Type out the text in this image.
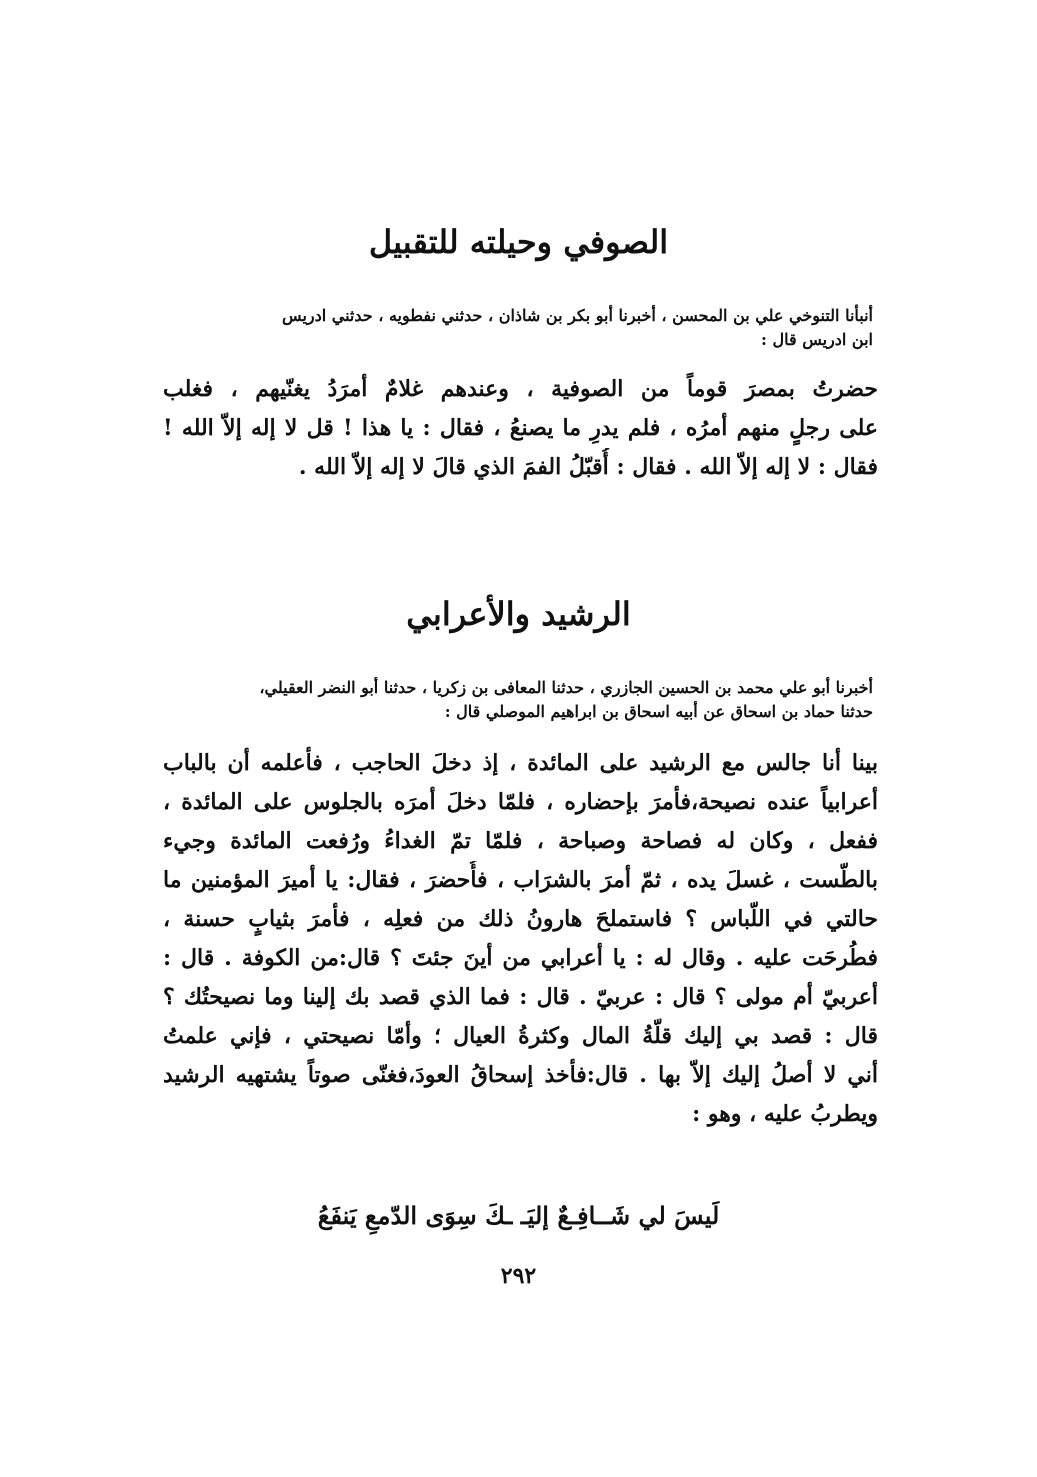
الصوفي وحيلته للتقبيل
أنبأنا التنوخي علي بن المحسن ، أخبرنا أبو بكر بن شاذان ، حدثني نفطويه ، حدثني ادريس
ابن ادريس قال :
حضرتُ بمصرَ قوماً من الصوفية ، وعندهم غلامٌ أمرَدُ يغنّيهم ، فغلب
على رجلٍ منهم أمرُه ، فلم يدرِ ما يصنعُ ، فقال : يا هذا ! قل لا إله إلاّ الله !
فقال : لا إله إلاّ الله . فقال : أُقبّلُ الفمَ الذي قالَ لا إله إلاّ الله .
الرشيد والأعرابي
أخبرنا أبو علي محمد بن الحسين الجازري ، حدثنا المعافى بن زكريا ، حدثنا أبو النضر العقيلي،
حدثنا حماد بن اسحاق عن أبيه اسحاق بن ابراهيم الموصلي قال :
بينا أنا جالس مع الرشيد على المائدة ، إذ دخلَ الحاجب ، فأعلمه أن بالباب
أعرابياً عنده نصيحة،فأمرَ بإحضاره ، فلمّا دخلَ أمرَه بالجلوس على المائدة ،
ففعل ، وكان له فصاحة وصباحة ، فلمّا تمّ الغداءُ ورُفعت المائدة وجيء
بالطّست ، غسلَ يده ، ثمّ أمرَ بالشرَاب ، فأُحضرَ ، فقال: يا أميرَ المؤمنين ما
حالتي في اللّباس ؟ فاستملحَ هارونُ ذلك من فعلِه ، فأمرَ بثيابٍ حسنة ،
فطُرحَت عليه . وقال له : يا أعرابي من أينَ جئتَ ؟ قال:من الكوفة . قال :
أعربيّ أم مولى ؟ قال : عربيّ . قال : فما الذي قصد بك إلينا وما نصيحتُك ؟
قال : قصد بي إليك قلّةُ المال وكثرةُ العيال ؛ وأمّا نصيحتي ، فإني علمتُ
أني لا أصلُ إليك إلاّ بها . قال:فأخذ إسحاقُ العودَ،فغنّى صوتاً يشتهيه الرشيد
ويطربُ عليه ، وهو :
لَيسَ لي شَــافِـعٌ إليَـ ـكَ سِوَى الدّمعِ يَنفَعُ
٢٩٢
